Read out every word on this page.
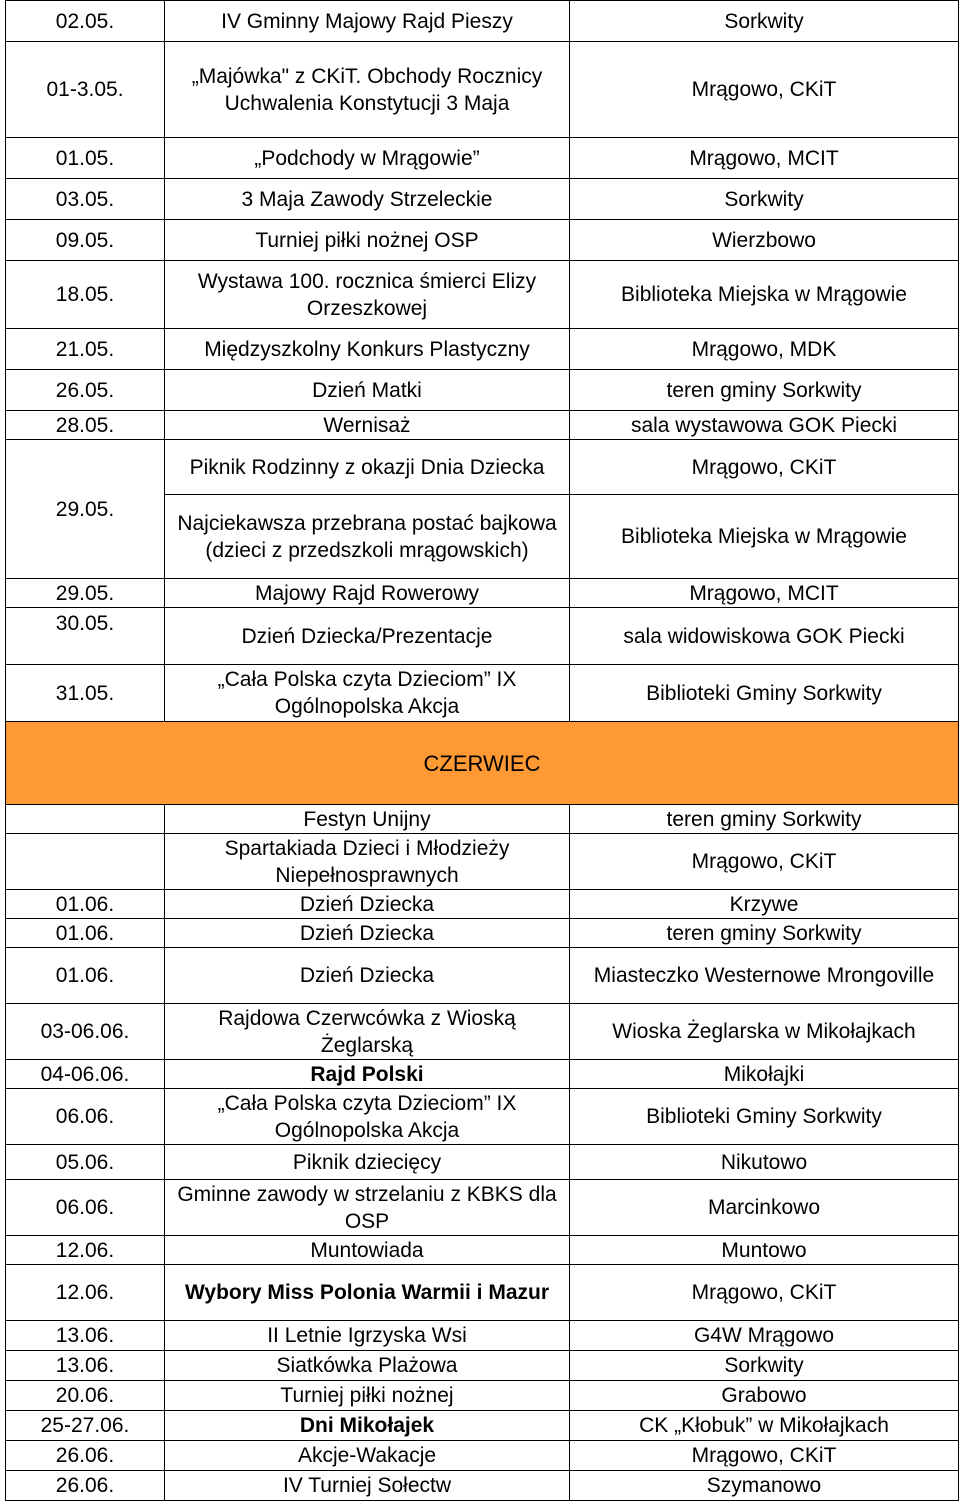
02.05.	IV Gminny Majowy Rajd Pieszy	Sorkwity
01-3.05.	„Majówka" z CKiT. Obchody Rocznicy Uchwalenia Konstytucji 3 Maja	Mrągowo, CKiT
01.05.	„Podchody w Mrągowie”	Mrągowo, MCIT
03.05.	3 Maja Zawody Strzeleckie	Sorkwity
09.05.	Turniej piłki nożnej OSP	Wierzbowo
18.05.	Wystawa 100. rocznica śmierci Elizy Orzeszkowej	Biblioteka Miejska w Mrągowie
21.05.	Międzyszkolny Konkurs Plastyczny	Mrągowo, MDK
26.05.	Dzień Matki	teren gminy Sorkwity
28.05.	Wernisaż	sala wystawowa GOK Piecki
29.05.	Piknik Rodzinny z okazji Dnia Dziecka	Mrągowo, CKiT
	Najciekawsza przebrana postać bajkowa (dzieci z przedszkoli mrągowskich)	Biblioteka Miejska w Mrągowie
29.05.	Majowy Rajd Rowerowy	Mrągowo, MCIT
30.05.	Dzień Dziecka/Prezentacje	sala widowiskowa GOK Piecki
31.05.	„Cała Polska czyta Dzieciom” IX Ogólnopolska Akcja	Biblioteki Gminy Sorkwity
CZERWIEC		
	Festyn Unijny	teren gminy Sorkwity
	Spartakiada Dzieci i Młodzieży Niepełnosprawnych	Mrągowo, CKiT
01.06.	Dzień Dziecka	Krzywe
01.06.	Dzień Dziecka	teren gminy Sorkwity
01.06.	Dzień Dziecka	Miasteczko Westernowe Mrongoville
03-06.06.	Rajdowa Czerwcówka z Wioską Żeglarską	Wioska Żeglarska w Mikołajkach
04-06.06.	Rajd Polski	Mikołajki
06.06.	„Cała Polska czyta Dzieciom” IX Ogólnopolska Akcja	Biblioteki Gminy Sorkwity
05.06.	Piknik dziecięcy	Nikutowo
06.06.	Gminne zawody w strzelaniu z KBKS dla OSP	Marcinkowo
12.06.	Muntowiada	Muntowo
12.06.	Wybory Miss Polonia Warmii i Mazur	Mrągowo, CKiT
13.06.	II Letnie Igrzyska Wsi	G4W Mrągowo
13.06.	Siatkówka Plażowa	Sorkwity
20.06.	Turniej piłki nożnej	Grabowo
25-27.06.	Dni Mikołajek	CK „Kłobuk” w Mikołajkach
26.06.	Akcje-Wakacje	Mrągowo, CKiT
26.06.	IV Turniej Sołectw	Szymanowo
